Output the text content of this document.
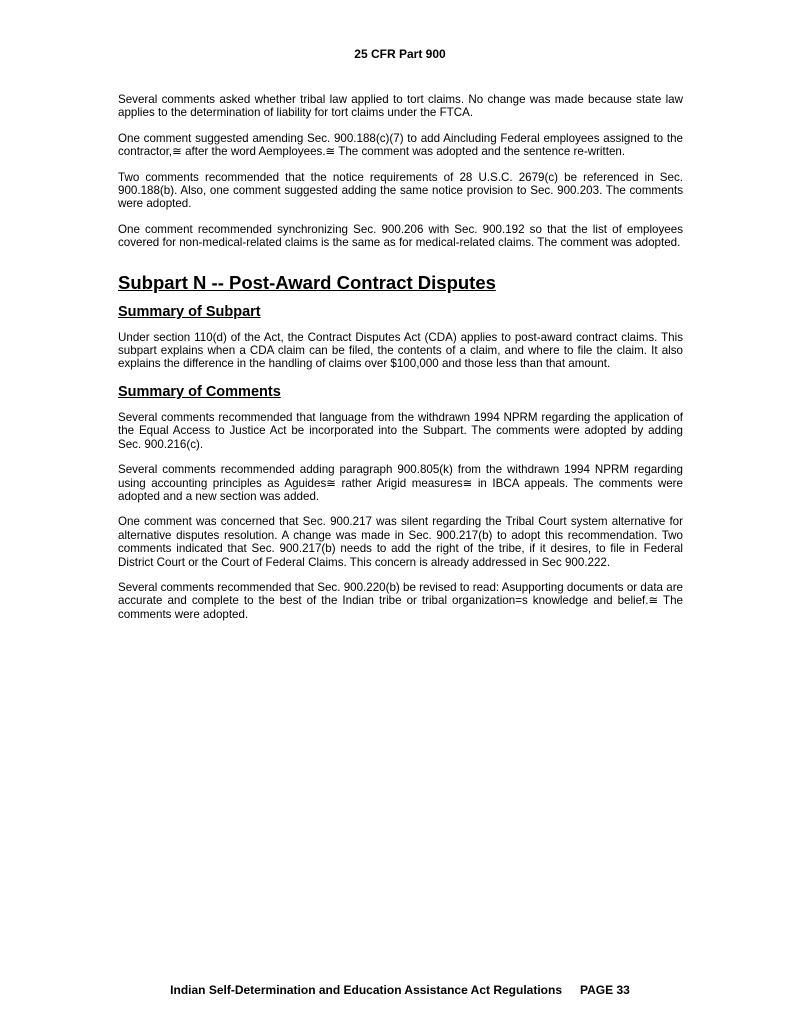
25 CFR Part 900

Several comments asked whether tribal law applied to tort claims. No change was made because state law applies to the determination of liability for tort claims under the FTCA.

One comment suggested amending Sec. 900.188(c)(7) to add Aincluding Federal employees assigned to the contractor,≅ after the word Aemployees.≅ The comment was adopted and the sentence re-written.

Two comments recommended that the notice requirements of 28 U.S.C. 2679(c) be referenced in Sec. 900.188(b). Also, one comment suggested adding the same notice provision to Sec. 900.203. The comments were adopted.

One comment recommended synchronizing Sec. 900.206 with Sec. 900.192 so that the list of employees covered for non-medical-related claims is the same as for medical-related claims. The comment was adopted.

Subpart N -- Post-Award Contract Disputes
Summary of Subpart

Under section 110(d) of the Act, the Contract Disputes Act (CDA) applies to post-award contract claims. This subpart explains when a CDA claim can be filed, the contents of a claim, and where to file the claim. It also explains the difference in the handling of claims over $100,000 and those less than that amount.

Summary of Comments

Several comments recommended that language from the withdrawn 1994 NPRM regarding the application of the Equal Access to Justice Act be incorporated into the Subpart. The comments were adopted by adding Sec. 900.216(c).

Several comments recommended adding paragraph 900.805(k) from the withdrawn 1994 NPRM regarding using accounting principles as Aguides≅ rather Arigid measures≅ in IBCA appeals. The comments were adopted and a new section was added.

One comment was concerned that Sec. 900.217 was silent regarding the Tribal Court system alternative for alternative disputes resolution. A change was made in Sec. 900.217(b) to adopt this recommendation. Two comments indicated that Sec. 900.217(b) needs to add the right of the tribe, if it desires, to file in Federal District Court or the Court of Federal Claims. This concern is already addressed in Sec 900.222.

Several comments recommended that Sec. 900.220(b) be revised to read: Asupporting documents or data are accurate and complete to the best of the Indian tribe or tribal organization=s knowledge and belief.≅ The comments were adopted.

Indian Self-Determination and Education Assistance Act Regulations PAGE 33
